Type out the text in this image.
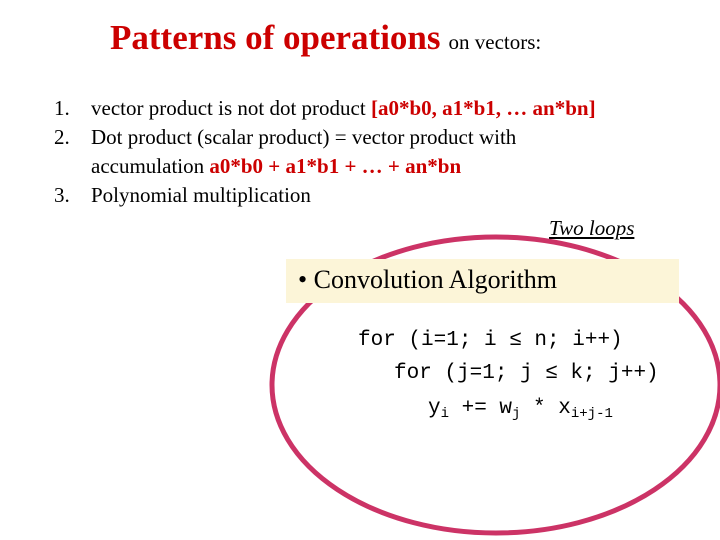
Patterns of operations on vectors:
1. vector product is not dot product [a0*b0, a1*b1, … an*bn]
2. Dot product (scalar product) = vector product with
accumulation a0*b0 + a1*b1 + … + an*bn
3. Polynomial multiplication
Two loops
• Convolution Algorithm
for (i=1; i ≤ n; i++)
for (j=1; j ≤ k; j++)
$y_i += w_j * x_{i+j-1}$
